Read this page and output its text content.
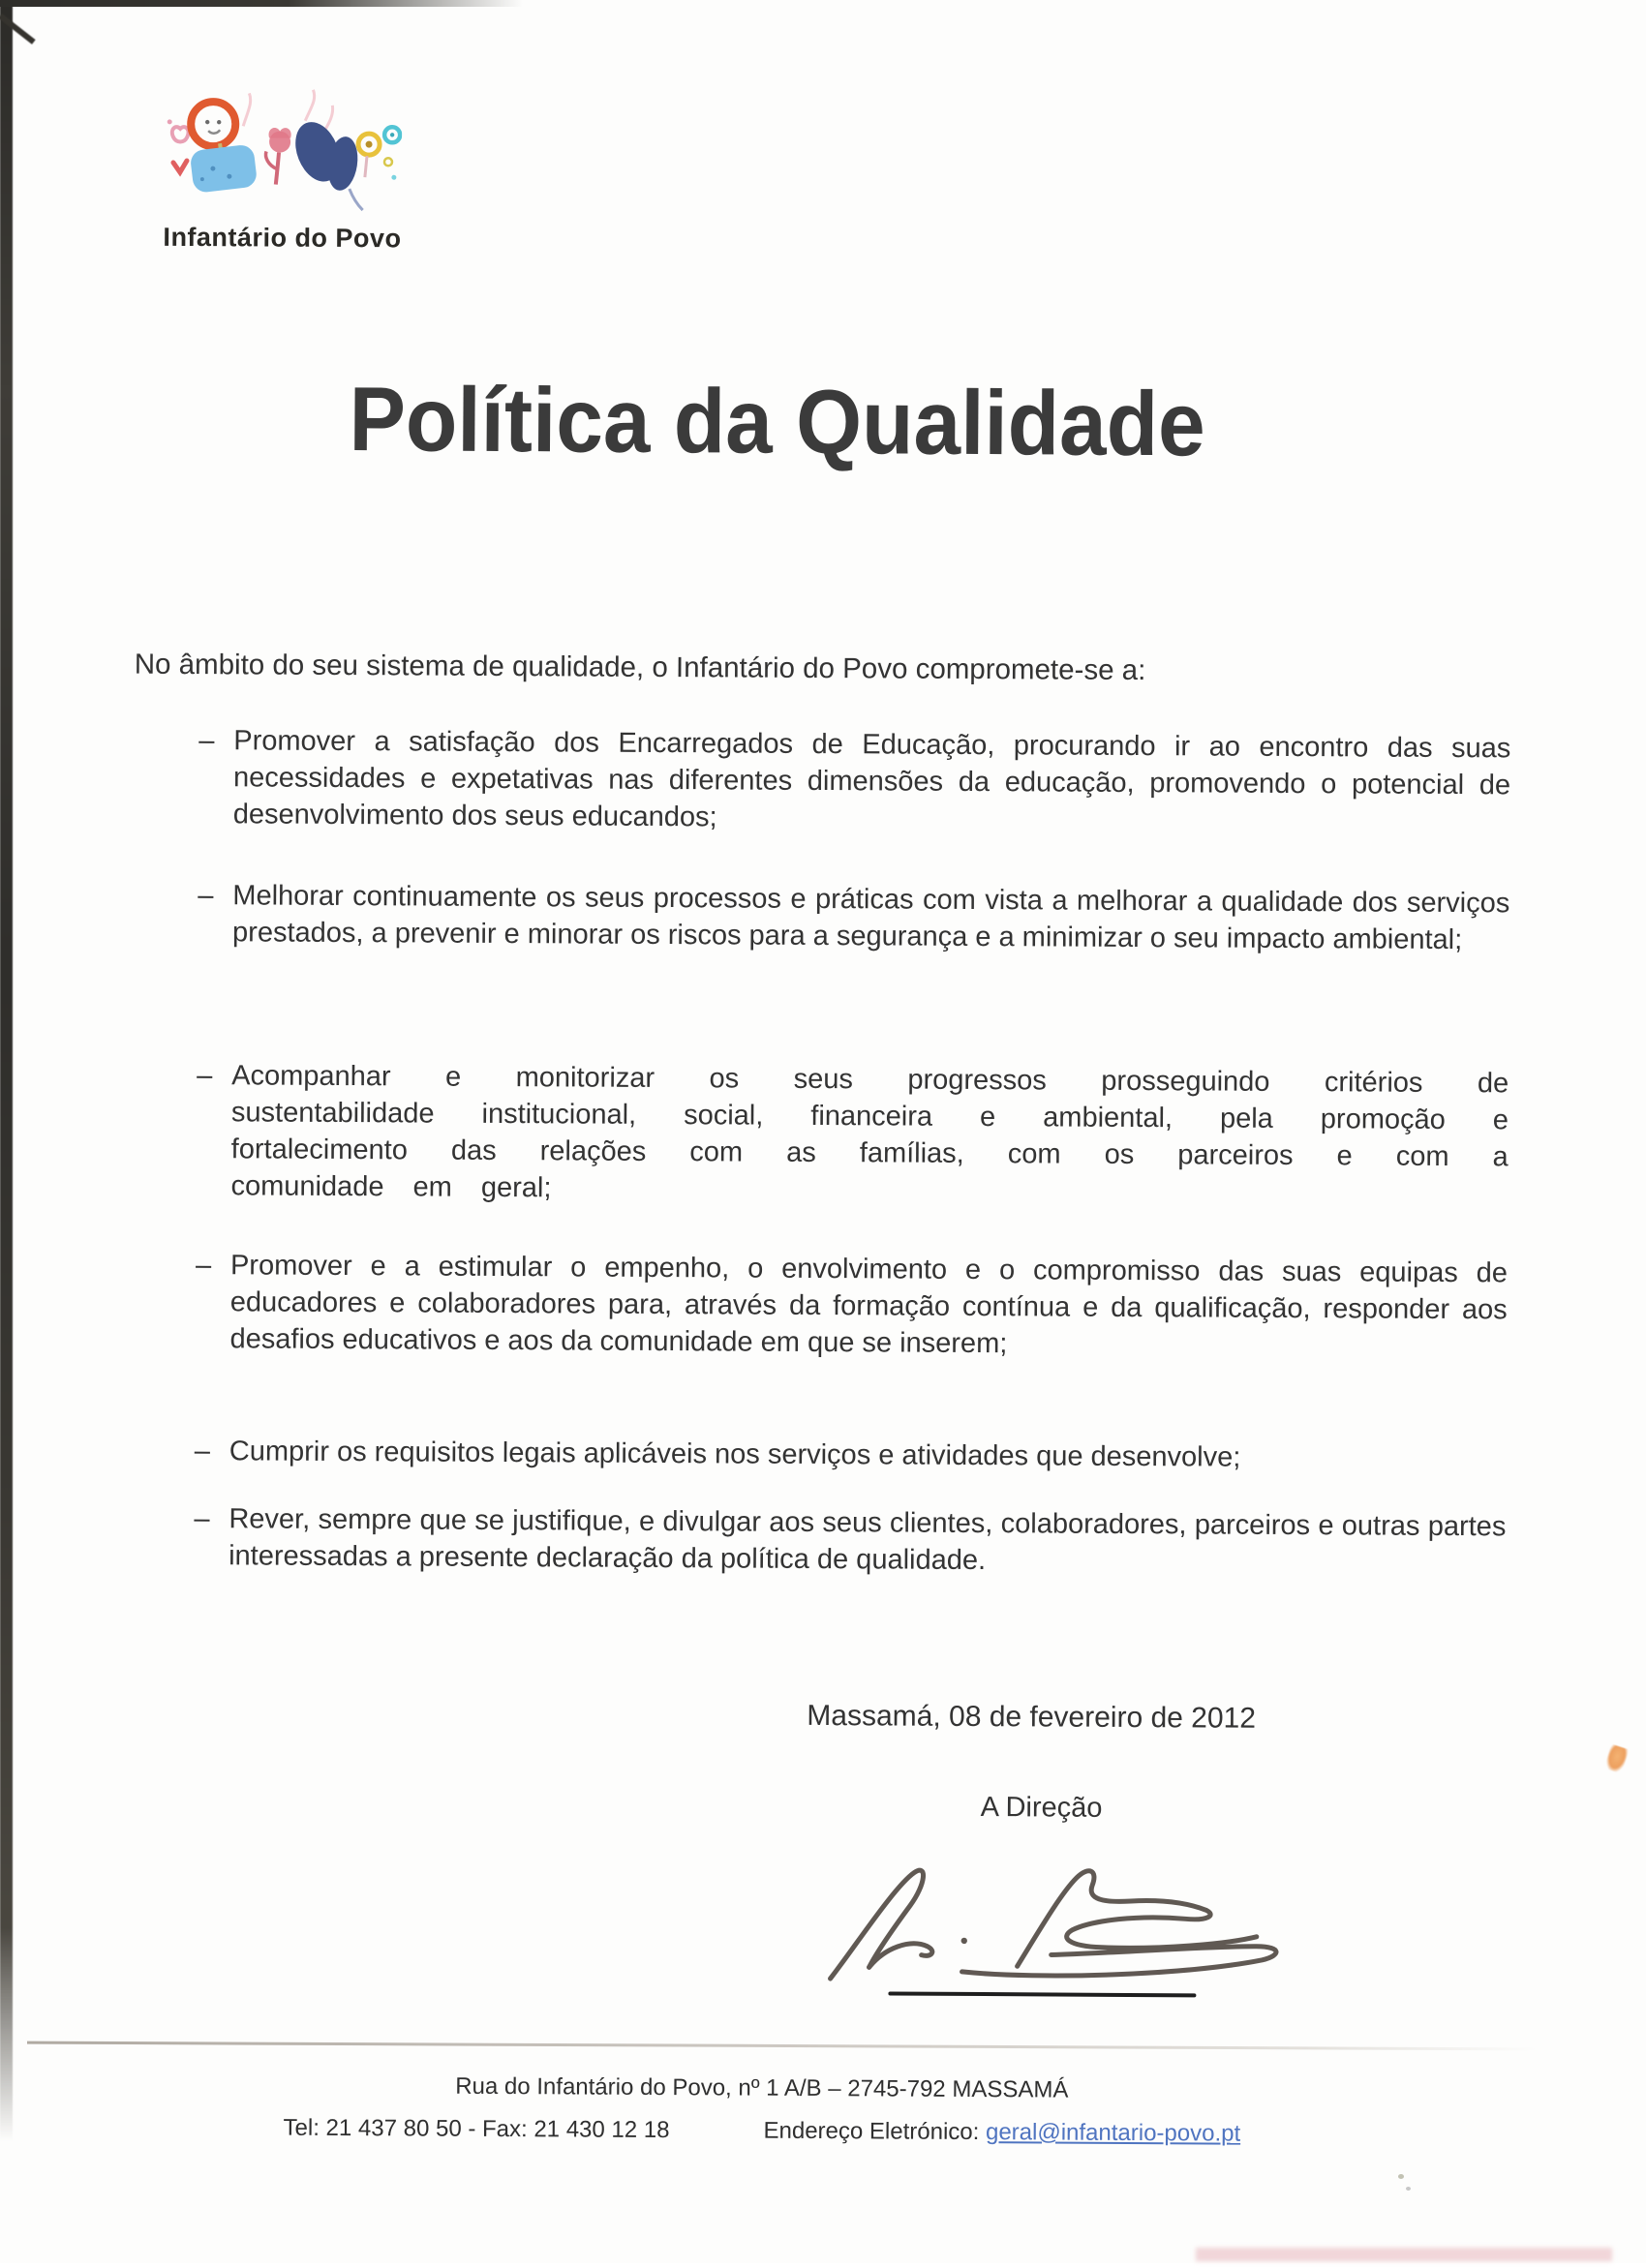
Infantário do Povo
Política da Qualidade
No âmbito do seu sistema de qualidade, o Infantário do Povo compromete-se a:
– Promover a satisfação dos Encarregados de Educação, procurando ir ao encontro das suas necessidades e expetativas nas diferentes dimensões da educação, promovendo o potencial de desenvolvimento dos seus educandos;
– Melhorar continuamente os seus processos e práticas com vista a melhorar a qualidade dos serviços prestados, a prevenir e minorar os riscos para a segurança e a minimizar o seu impacto ambiental;
– Acompanhar e monitorizar os seus progressos prosseguindo critérios de sustentabilidade institucional, social, financeira e ambiental, pela promoção e fortalecimento das relações com as famílias, com os parceiros e com a comunidade em geral;
– Promover e a estimular o empenho, o envolvimento e o compromisso das suas equipas de educadores e colaboradores para, através da formação contínua e da qualificação, responder aos desafios educativos e aos da comunidade em que se inserem;
– Cumprir os requisitos legais aplicáveis nos serviços e atividades que desenvolve;
– Rever, sempre que se justifique, e divulgar aos seus clientes, colaboradores, parceiros e outras partes interessadas a presente declaração da política de qualidade.
Massamá, 08 de fevereiro de 2012
A Direção
Rua do Infantário do Povo, nº 1 A/B – 2745-792 MASSAMÁ
Tel: 21 437 80 50 - Fax: 21 430 12 18	Endereço Eletrónico: geral@infantario-povo.pt
